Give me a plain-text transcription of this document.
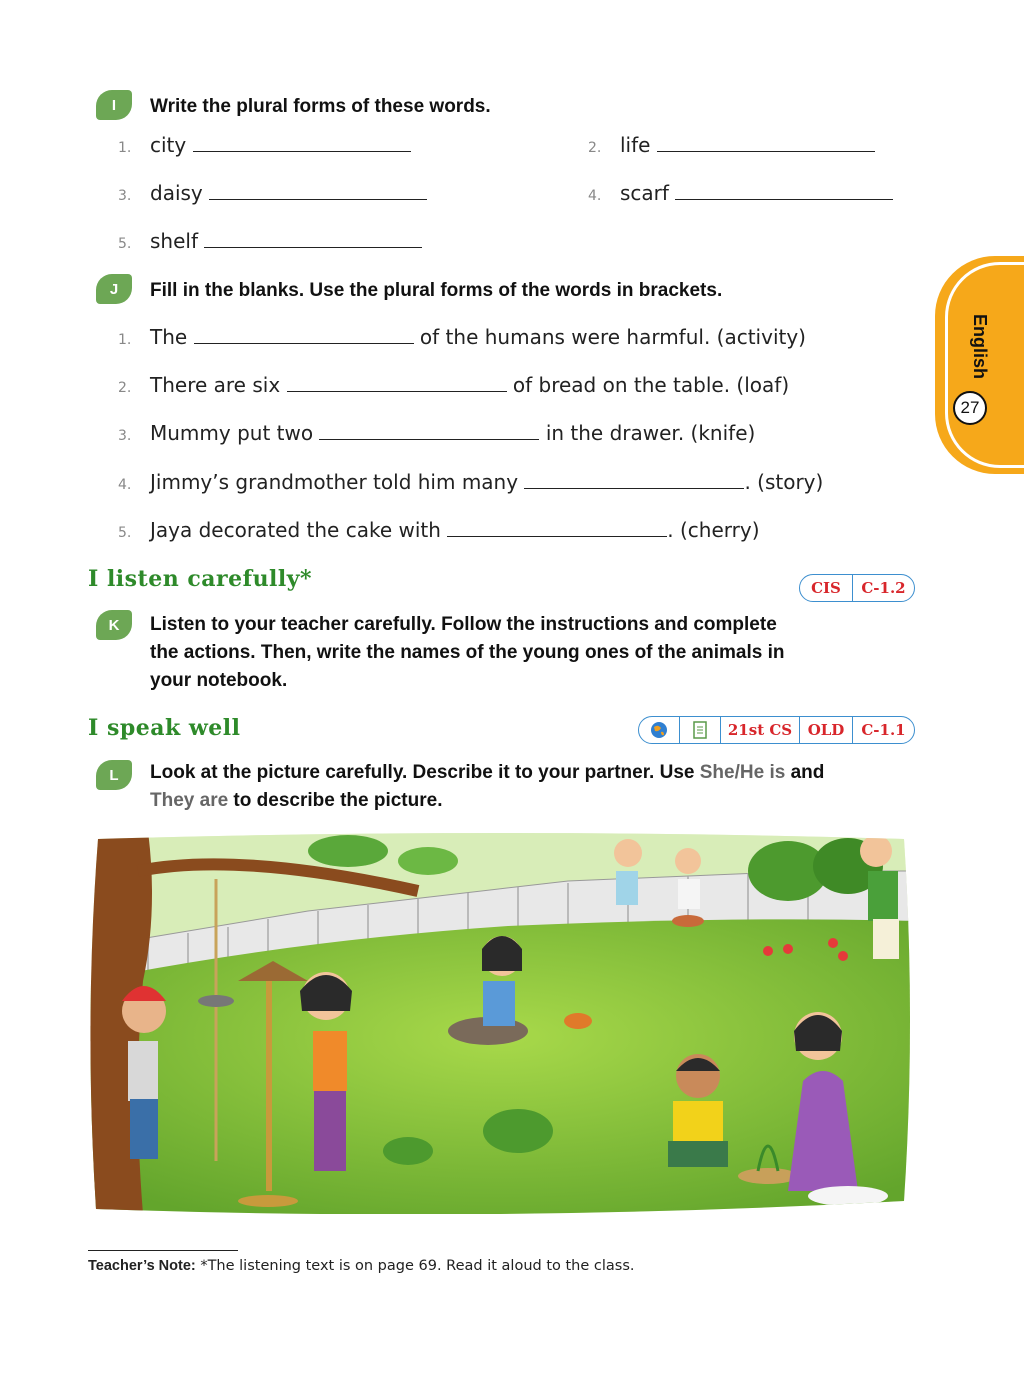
I	Write the plural forms of these words.
1. city	2. life
3. daisy	4. scarf
5. shelf
J	Fill in the blanks. Use the plural forms of the words in brackets.
1. The	of the humans were harmful. (activity)
2. There are six	of bread on the table. (loaf)
3. Mummy put two	in the drawer. (knife)
4. Jimmy’s grandmother told him many	. (story)
5. Jaya decorated the cake with	. (cherry)
I listen carefully*	CIS	C-1.2
K	Listen to your teacher carefully. Follow the instructions and complete
the actions. Then, write the names of the young ones of the animals in
your notebook.
I speak well	21st CS	OLD	C-1.1
L	Look at the picture carefully. Describe it to your partner. Use She/He is and
They are to describe the picture.
English
27
Teacher’s Note: *The listening text is on page 69. Read it aloud to the class.
